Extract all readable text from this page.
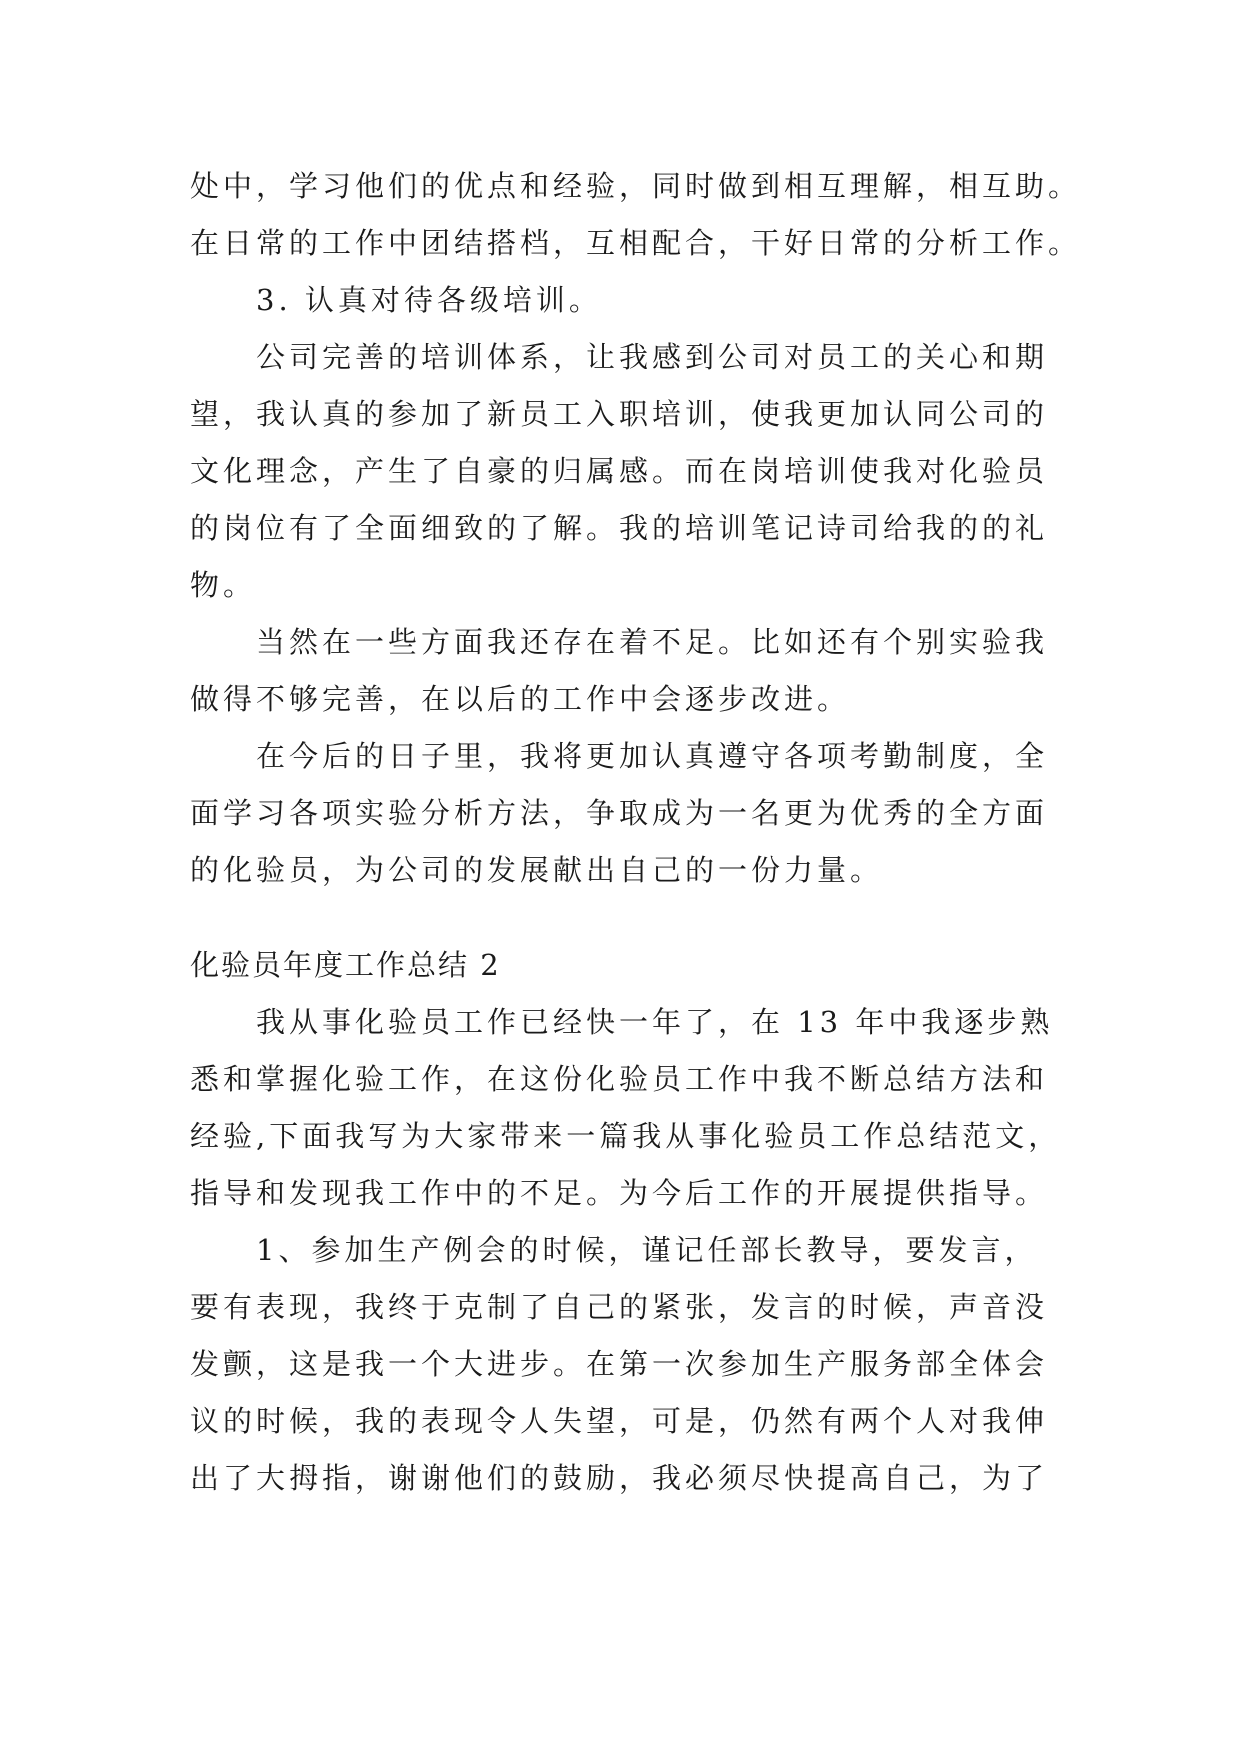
处中，学习他们的优点和经验，同时做到相互理解，相互助。
在日常的工作中团结搭档，互相配合，干好日常的分析工作。
3. 认真对待各级培训。
公司完善的培训体系，让我感到公司对员工的关心和期
望，我认真的参加了新员工入职培训，使我更加认同公司的
文化理念，产生了自豪的归属感。而在岗培训使我对化验员
的岗位有了全面细致的了解。我的培训笔记诗司给我的的礼
物。
当然在一些方面我还存在着不足。比如还有个别实验我
做得不够完善，在以后的工作中会逐步改进。
在今后的日子里，我将更加认真遵守各项考勤制度，全
面学习各项实验分析方法，争取成为一名更为优秀的全方面
的化验员，为公司的发展献出自己的一份力量。
化验员年度工作总结 2
我从事化验员工作已经快一年了，在 13 年中我逐步熟
悉和掌握化验工作，在这份化验员工作中我不断总结方法和
经验,下面我写为大家带来一篇我从事化验员工作总结范文，
指导和发现我工作中的不足。为今后工作的开展提供指导。
1、参加生产例会的时候，谨记任部长教导，要发言，
要有表现，我终于克制了自己的紧张，发言的时候，声音没
发颤，这是我一个大进步。在第一次参加生产服务部全体会
议的时候，我的表现令人失望，可是，仍然有两个人对我伸
出了大拇指，谢谢他们的鼓励，我必须尽快提高自己，为了
